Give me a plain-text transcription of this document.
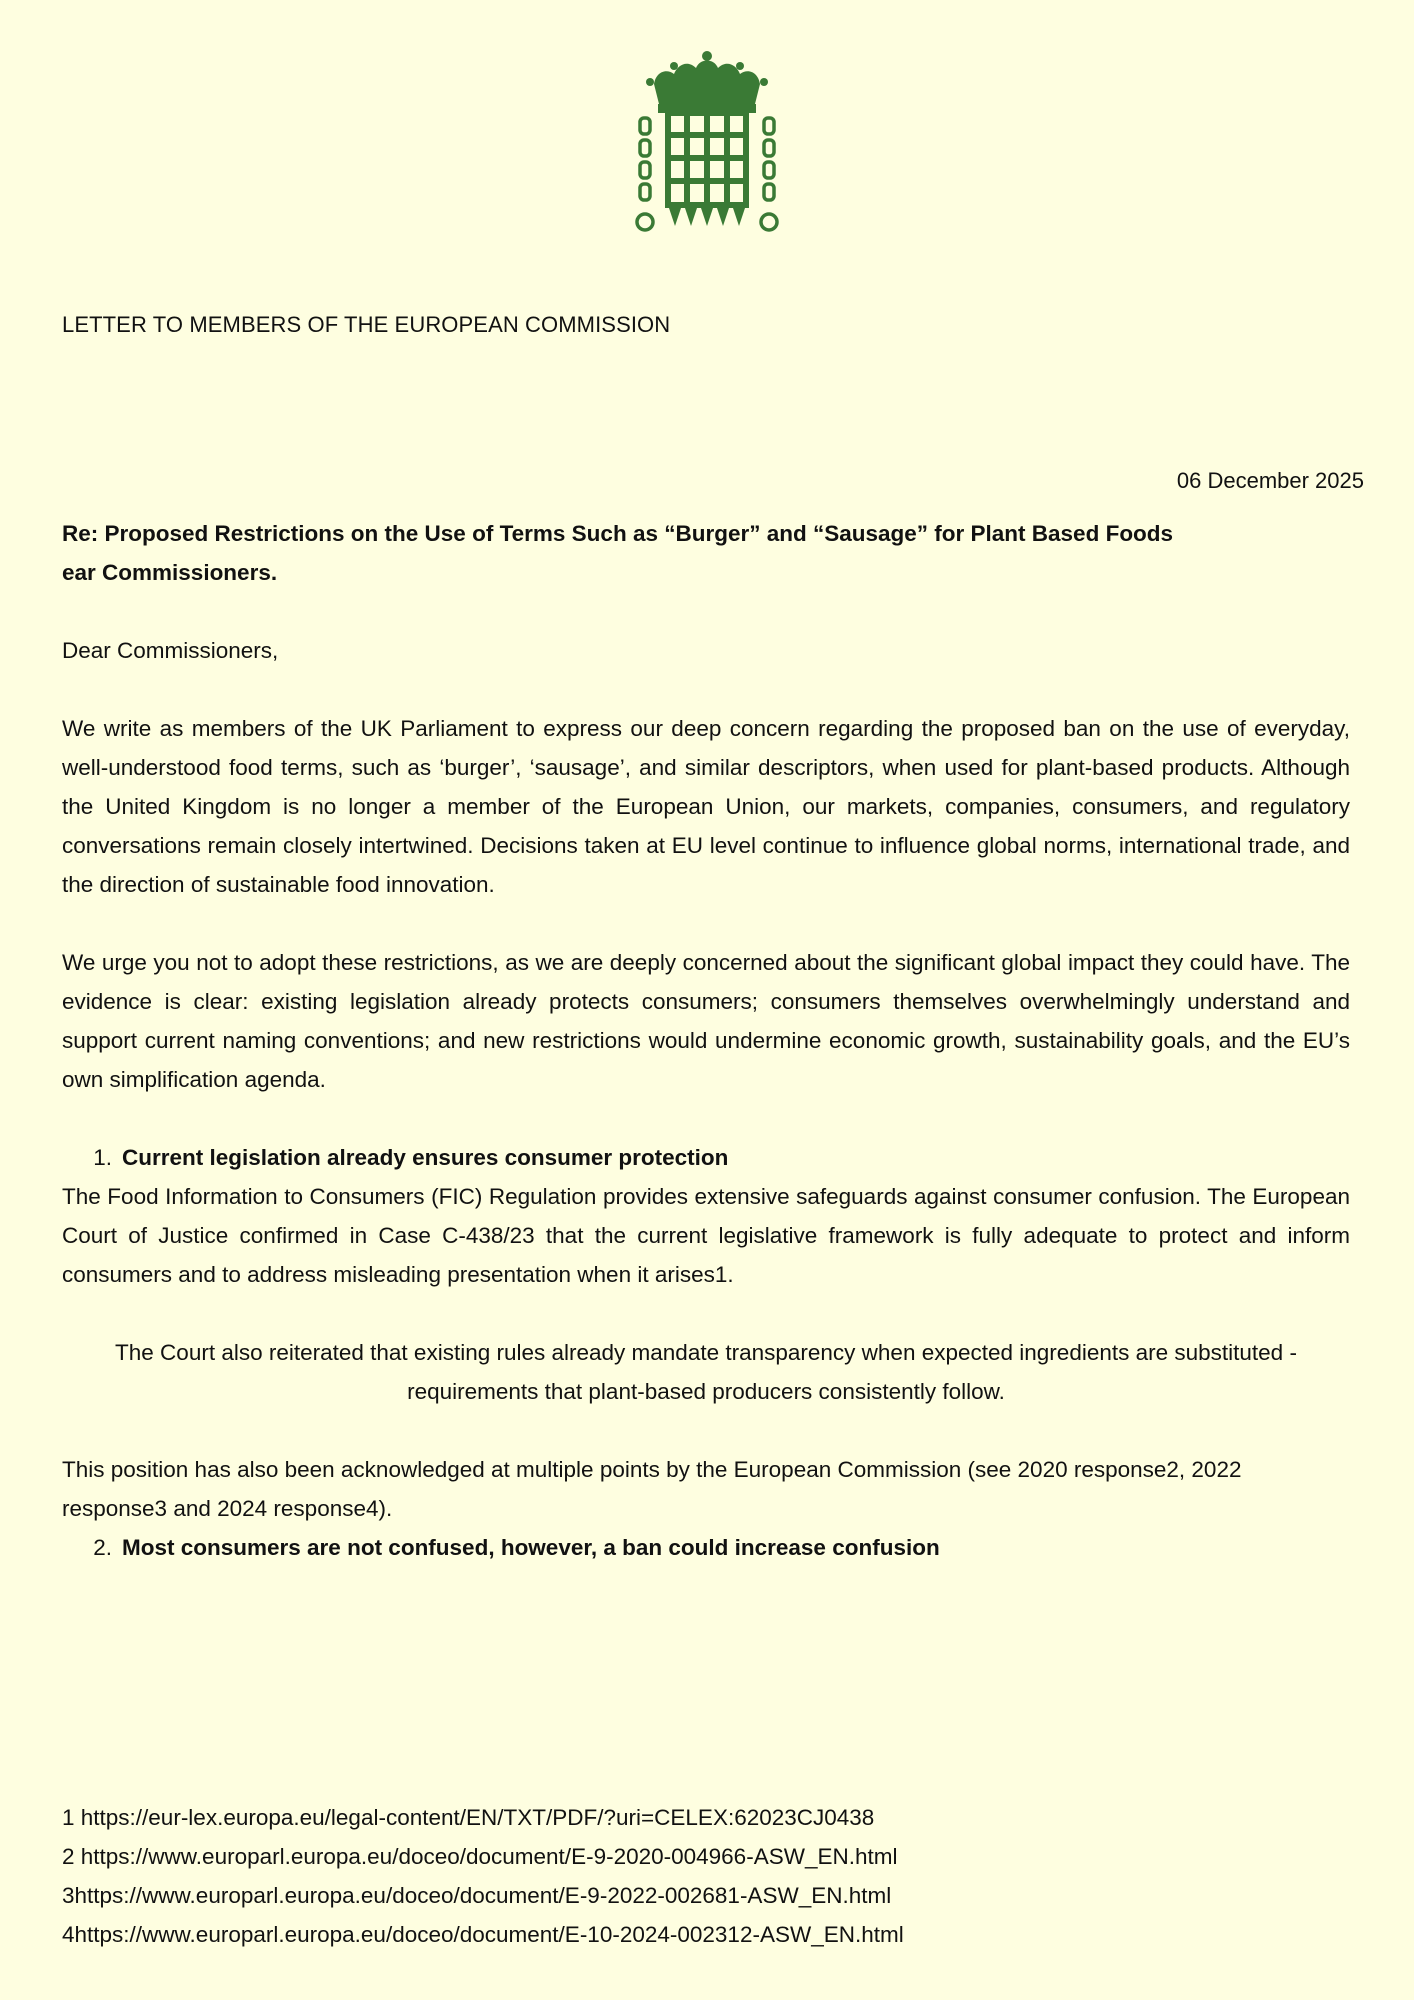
LETTER TO MEMBERS OF THE EUROPEAN COMMISSION
06 December 2025

Re: Proposed Restrictions on the Use of Terms Such as “Burger” and “Sausage” for Plant Based Foods

ear Commissioners.

Dear Commissioners,

We write as members of the UK Parliament to express our deep concern regarding the proposed ban on the use of everyday, well-understood food terms, such as ‘burger’, ‘sausage’, and similar descriptors, when used for plant-based products. Although the United Kingdom is no longer a member of the European Union, our markets, companies, consumers, and regulatory conversations remain closely intertwined. Decisions taken at EU level continue to influence global norms, international trade, and the direction of sustainable food innovation.

We urge you not to adopt these restrictions, as we are deeply concerned about the significant global impact they could have. The evidence is clear: existing legislation already protects consumers; consumers themselves overwhelmingly understand and support current naming conventions; and new restrictions would undermine economic growth, sustainability goals, and the EU’s own simplification agenda.

1. Current legislation already ensures consumer protection

The Food Information to Consumers (FIC) Regulation provides extensive safeguards against consumer confusion. The European Court of Justice confirmed in Case C-438/23 that the current legislative framework is fully adequate to protect and inform consumers and to address misleading presentation when it arises1.

The Court also reiterated that existing rules already mandate transparency when expected ingredients are substituted - requirements that plant-based producers consistently follow.

This position has also been acknowledged at multiple points by the European Commission (see 2020 response2, 2022 response3 and 2024 response4).

2. Most consumers are not confused, however, a ban could increase confusion
1 https://eur-lex.europa.eu/legal-content/EN/TXT/PDF/?uri=CELEX:62023CJ0438
2 https://www.europarl.europa.eu/doceo/document/E-9-2020-004966-ASW_EN.html
3https://www.europarl.europa.eu/doceo/document/E-9-2022-002681-ASW_EN.html
4https://www.europarl.europa.eu/doceo/document/E-10-2024-002312-ASW_EN.html
